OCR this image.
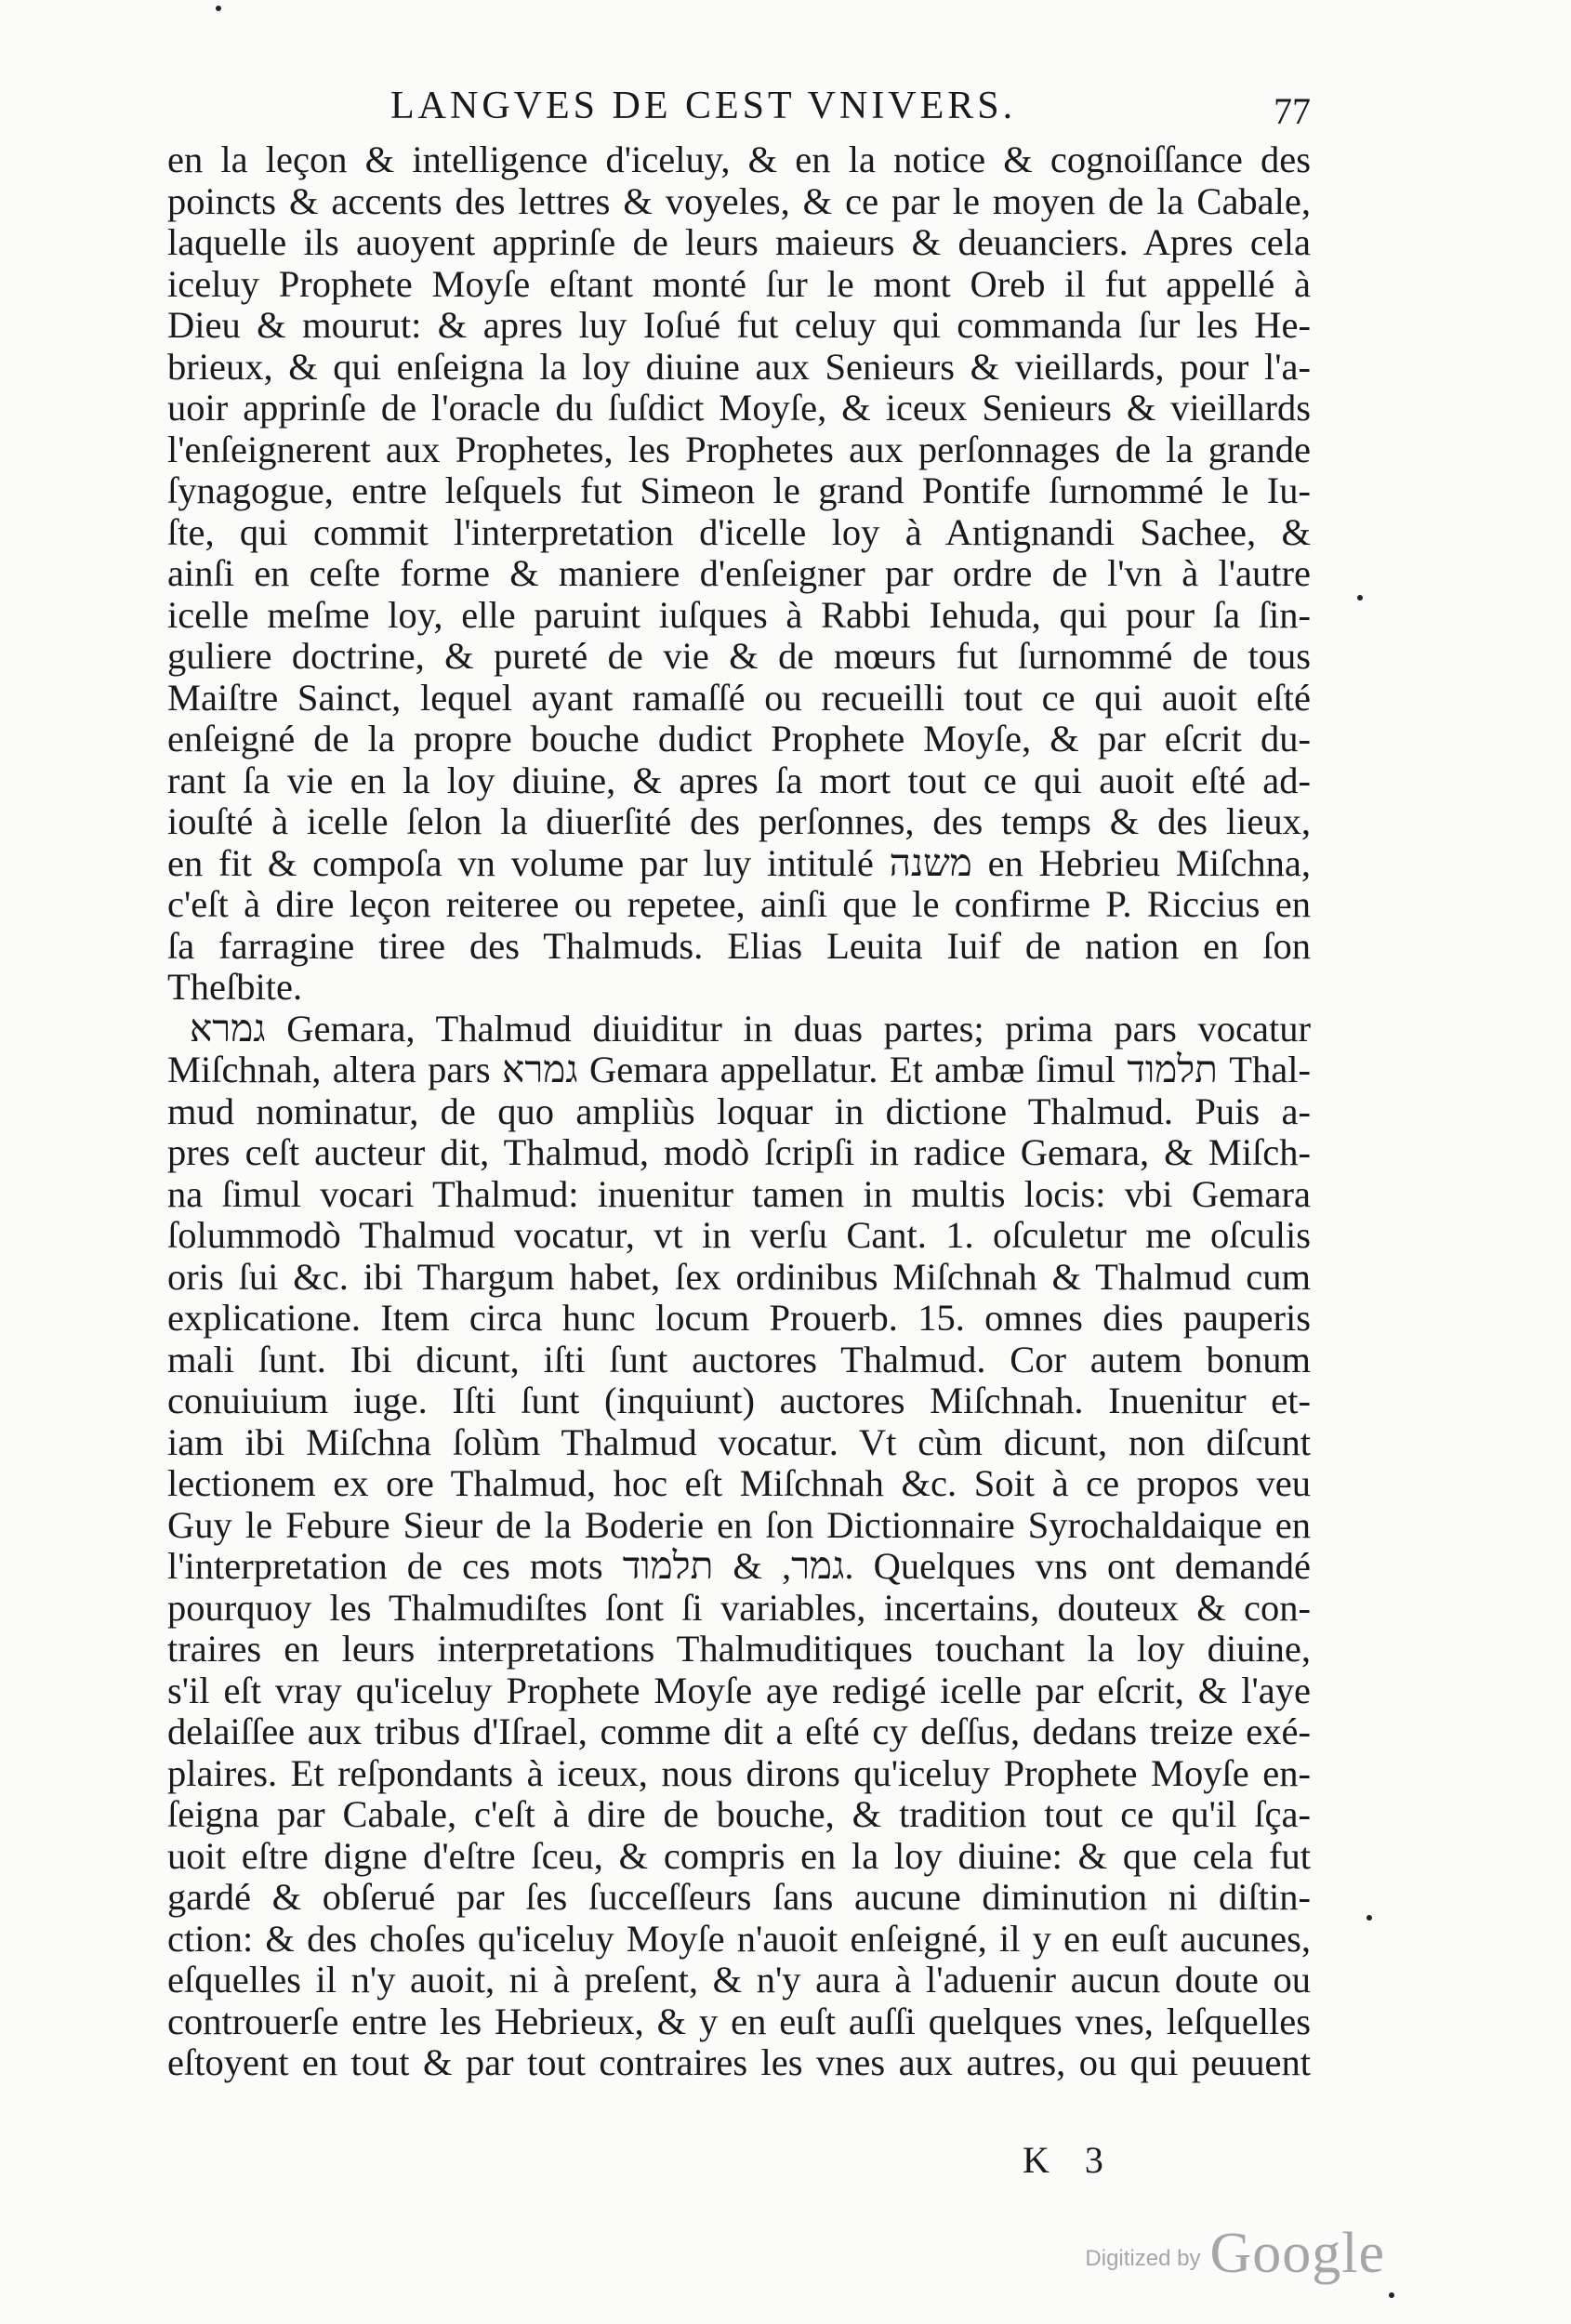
LANGVES DE CEST VNIVERS.	77
en la leçon & intelligence d'iceluy, & en la notice & cognoiſſance des
poincts & accents des lettres & voyeles, & ce par le moyen de la Cabale,
laquelle ils auoyent apprinſe de leurs maieurs & deuanciers. Apres cela
iceluy Prophete Moyſe eſtant monté ſur le mont Oreb il fut appellé à
Dieu & mourut: & apres luy Ioſué fut celuy qui commanda ſur les He-
brieux, & qui enſeigna la loy diuine aux Senieurs & vieillards, pour l'a-
uoir apprinſe de l'oracle du ſuſdict Moyſe, & iceux Senieurs & vieillards
l'enſeignerent aux Prophetes, les Prophetes aux perſonnages de la grande
ſynagogue, entre leſquels fut Simeon le grand Pontife ſurnommé le Iu-
ſte, qui commit l'interpretation d'icelle loy à Antignandi Sachee, &
ainſi en ceſte forme & maniere d'enſeigner par ordre de l'vn à l'autre
icelle meſme loy, elle paruint iuſques à Rabbi Iehuda, qui pour ſa ſin-
guliere doctrine, & pureté de vie & de mœurs fut ſurnommé de tous
Maiſtre Sainct, lequel ayant ramaſſé ou recueilli tout ce qui auoit eſté
enſeigné de la propre bouche dudict Prophete Moyſe, & par eſcrit du-
rant ſa vie en la loy diuine, & apres ſa mort tout ce qui auoit eſté ad-
iouſté à icelle ſelon la diuerſité des perſonnes, des temps & des lieux,
en fit & compoſa vn volume par luy intitulé משנה en Hebrieu Miſchna,
c'eſt à dire leçon reiteree ou repetee, ainſi que le confirme P. Riccius en
ſa farragine tiree des Thalmuds. Elias Leuita Iuif de nation en ſon
Theſbite.
גמרא Gemara, Thalmud diuiditur in duas partes; prima pars vocatur
Miſchnah, altera pars גמרא Gemara appellatur. Et ambæ ſimul תלמוד Thal-
mud nominatur, de quo ampliùs loquar in dictione Thalmud. Puis a-
pres ceſt aucteur dit, Thalmud, modò ſcripſi in radice Gemara, & Miſch-
na ſimul vocari Thalmud: inuenitur tamen in multis locis: vbi Gemara
ſolummodò Thalmud vocatur, vt in verſu Cant. 1. oſculetur me oſculis
oris ſui &c. ibi Thargum habet, ſex ordinibus Miſchnah & Thalmud cum
explicatione. Item circa hunc locum Prouerb. 15. omnes dies pauperis
mali ſunt. Ibi dicunt, iſti ſunt auctores Thalmud. Cor autem bonum
conuiuium iuge. Iſti ſunt (inquiunt) auctores Miſchnah. Inuenitur et-
iam ibi Miſchna ſolùm Thalmud vocatur. Vt cùm dicunt, non diſcunt
lectionem ex ore Thalmud, hoc eſt Miſchnah &c. Soit à ce propos veu
Guy le Febure Sieur de la Boderie en ſon Dictionnaire Syrochaldaique en
l'interpretation de ces mots גמר, & תלמוד. Quelques vns ont demandé
pourquoy les Thalmudiſtes ſont ſi variables, incertains, douteux & con-
traires en leurs interpretations Thalmuditiques touchant la loy diuine,
s'il eſt vray qu'iceluy Prophete Moyſe aye redigé icelle par eſcrit, & l'aye
delaiſſee aux tribus d'Iſrael, comme dit a eſté cy deſſus, dedans treize exé-
plaires. Et reſpondants à iceux, nous dirons qu'iceluy Prophete Moyſe en-
ſeigna par Cabale, c'eſt à dire de bouche, & tradition tout ce qu'il ſça-
uoit eſtre digne d'eſtre ſceu, & compris en la loy diuine: & que cela fut
gardé & obſerué par ſes ſucceſſeurs ſans aucune diminution ni diſtin-
ction: & des choſes qu'iceluy Moyſe n'auoit enſeigné, il y en euſt aucunes,
eſquelles il n'y auoit, ni à preſent, & n'y aura à l'aduenir aucun doute ou
controuerſe entre les Hebrieux, & y en euſt auſſi quelques vnes, leſquelles
eſtoyent en tout & par tout contraires les vnes aux autres, ou qui peuuent
K 3
Digitized by Google
